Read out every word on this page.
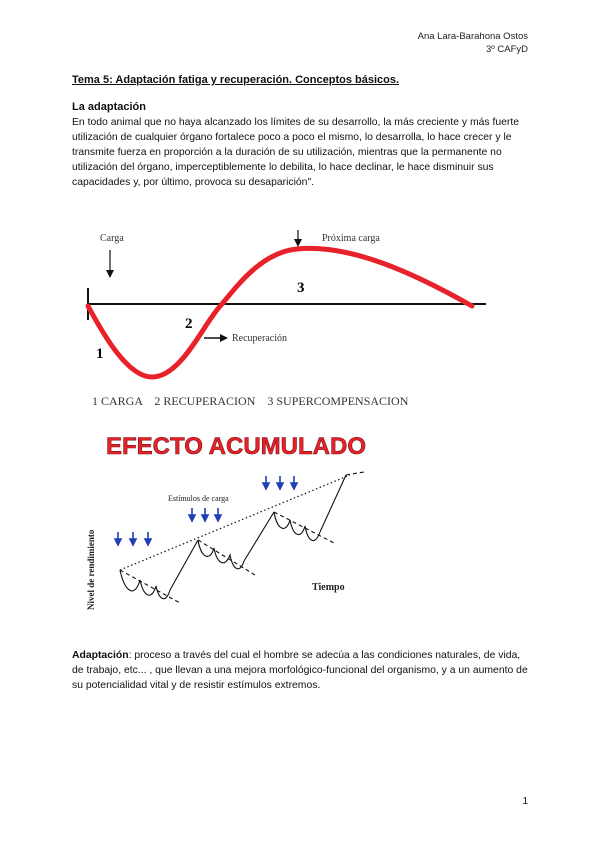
Ana Lara-Barahona Ostos
3º CAFyD
Tema 5: Adaptación fatiga y recuperación. Conceptos básicos.
La adaptación

En todo animal que no haya alcanzado los límites de su desarrollo, la más creciente y más fuerte utilización de cualquier órgano fortalece poco a poco el mismo, lo desarrolla, lo hace crecer y le transmite fuerza en proporción a la duración de su utilización, mientras que la permanente no utilización del órgano, imperceptiblemente lo debilita, lo hace declinar, le hace disminuir sus capacidades y, por último, provoca su desaparición".

Carga	Próxima carga
Recuperación
1
2
3
1 CARGA    2 RECUPERACION    3 SUPERCOMPENSACION
EFECTO ACUMULADO
Estímulos de carga
Nivel de rendimiento	Tiempo

Adaptación: proceso a través del cual el hombre se adecúa a las condiciones naturales, de vida, de trabajo, etc... , que llevan a una mejora morfológico-funcional del organismo, y a un aumento de su potencialidad vital y de resistir estímulos extremos.

1
